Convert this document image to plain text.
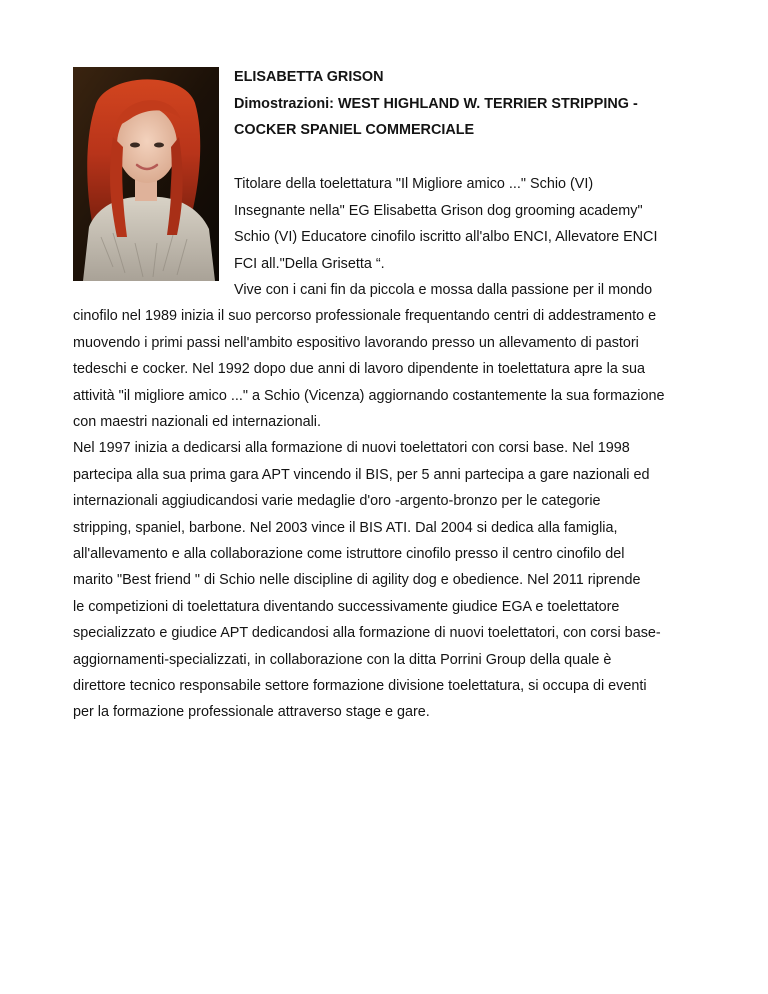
ELISABETTA GRISON

Dimostrazioni: WEST HIGHLAND W. TERRIER STRIPPING -

COCKER SPANIEL COMMERCIALE

Titolare della toelettatura "Il Migliore amico ..." Schio (VI)

Insegnante nella" EG Elisabetta Grison dog grooming academy"

Schio (VI) Educatore cinofilo iscritto all'albo ENCI, Allevatore ENCI

FCI all."Della Grisetta “.

Vive con i cani fin da piccola e mossa dalla passione per il mondo

cinofilo nel 1989 inizia il suo percorso professionale frequentando centri di addestramento e

muovendo i primi passi nell'ambito espositivo lavorando presso un allevamento di pastori

tedeschi e cocker. Nel 1992 dopo due anni di lavoro dipendente in toelettatura apre la sua

attività "il migliore amico ..." a Schio (Vicenza) aggiornando costantemente la sua formazione

con maestri nazionali ed internazionali.

Nel 1997 inizia a dedicarsi alla formazione di nuovi toelettatori con corsi base. Nel 1998

partecipa alla sua prima gara APT vincendo il BIS, per 5 anni partecipa a gare nazionali ed

internazionali aggiudicandosi varie medaglie d'oro -argento-bronzo per le categorie

stripping, spaniel, barbone. Nel 2003 vince il BIS ATI. Dal 2004 si dedica alla famiglia,

all'allevamento e alla collaborazione come istruttore cinofilo presso il centro cinofilo del

marito "Best friend " di Schio nelle discipline di agility dog e obedience. Nel 2011 riprende

le competizioni di toelettatura diventando successivamente giudice EGA e toelettatore

specializzato e giudice APT dedicandosi alla formazione di nuovi toelettatori, con corsi base-

aggiornamenti-specializzati, in collaborazione con la ditta Porrini Group della quale è

direttore tecnico responsabile settore formazione divisione toelettatura, si occupa di eventi

per la formazione professionale attraverso stage e gare.
